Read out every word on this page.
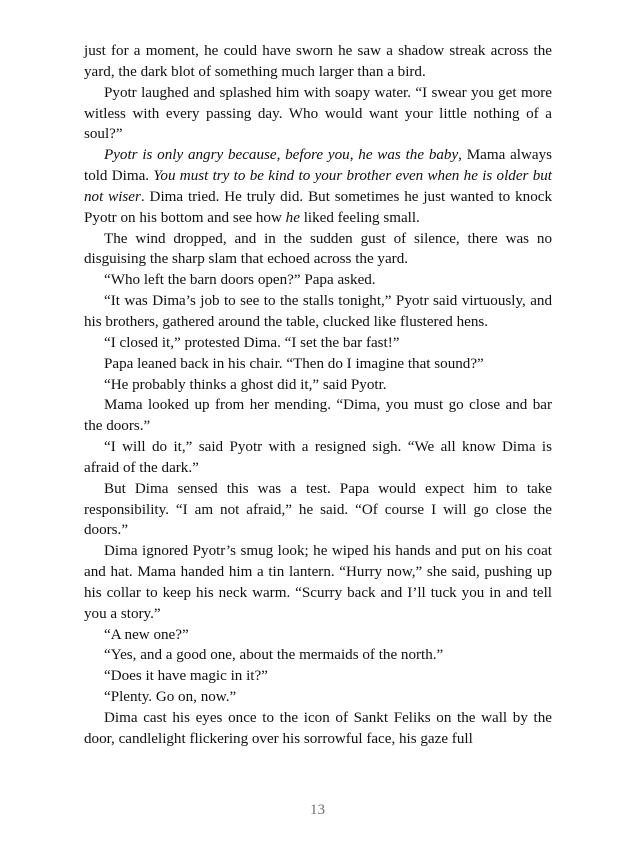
just for a moment, he could have sworn he saw a shadow streak across the yard, the dark blot of something much larger than a bird.

Pyotr laughed and splashed him with soapy water. “I swear you get more witless with every passing day. Who would want your little nothing of a soul?”

Pyotr is only angry because, before you, he was the baby, Mama always told Dima. You must try to be kind to your brother even when he is older but not wiser. Dima tried. He truly did. But sometimes he just wanted to knock Pyotr on his bottom and see how he liked feeling small.

The wind dropped, and in the sudden gust of silence, there was no disguising the sharp slam that echoed across the yard.

“Who left the barn doors open?” Papa asked.

“It was Dima’s job to see to the stalls tonight,” Pyotr said virtuously, and his brothers, gathered around the table, clucked like flustered hens.

“I closed it,” protested Dima. “I set the bar fast!”

Papa leaned back in his chair. “Then do I imagine that sound?”

“He probably thinks a ghost did it,” said Pyotr.

Mama looked up from her mending. “Dima, you must go close and bar the doors.”

“I will do it,” said Pyotr with a resigned sigh. “We all know Dima is afraid of the dark.”

But Dima sensed this was a test. Papa would expect him to take responsibility. “I am not afraid,” he said. “Of course I will go close the doors.”

Dima ignored Pyotr’s smug look; he wiped his hands and put on his coat and hat. Mama handed him a tin lantern. “Hurry now,” she said, pushing up his collar to keep his neck warm. “Scurry back and I’ll tuck you in and tell you a story.”

“A new one?”

“Yes, and a good one, about the mermaids of the north.”

“Does it have magic in it?”

“Plenty. Go on, now.”

Dima cast his eyes once to the icon of Sankt Feliks on the wall by the door, candlelight flickering over his sorrowful face, his gaze full

13
